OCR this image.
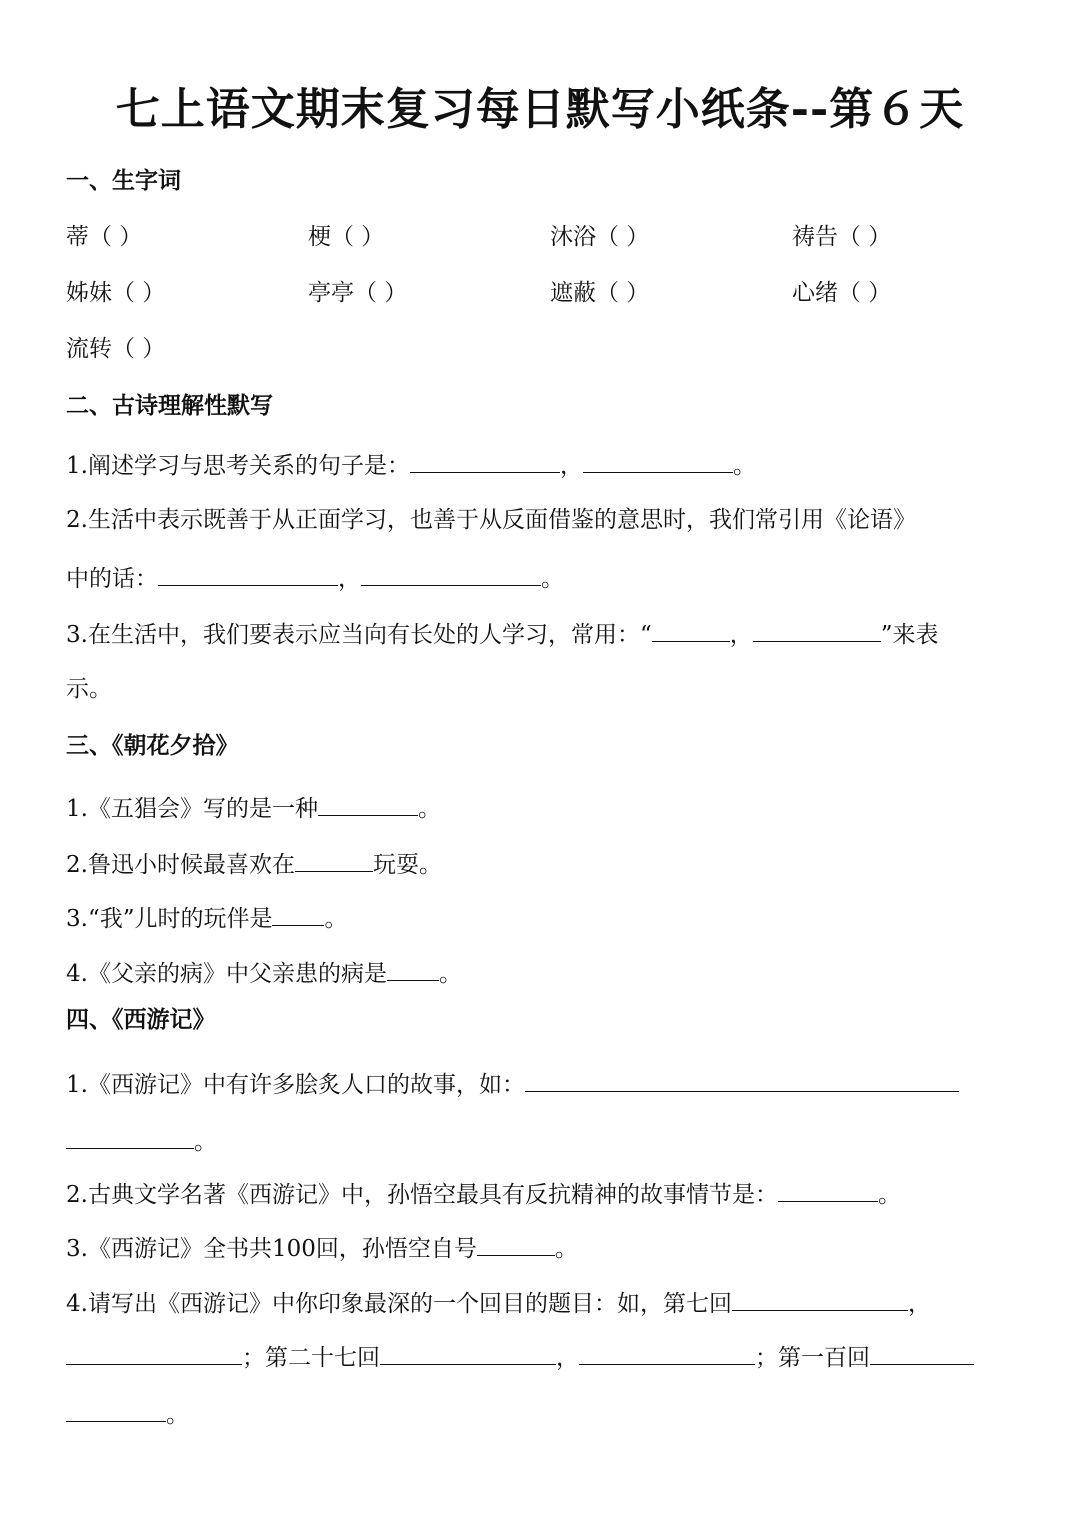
七上语文期末复习每日默写小纸条--第６天
一、生字词
蒂（ ）	梗（ ）	沐浴（ ）	祷告（ ）
姊妹（ ）	亭亭（ ）	遮蔽（ ）	心绪（ ）
流转（ ）
二、古诗理解性默写
1.阐述学习与思考关系的句子是：	，	。
2.生活中表示既善于从正面学习，也善于从反面借鉴的意思时，我们常引用《论语》
中的话：	，	。
3.在生活中，我们要表示应当向有长处的人学习，常用：“	，	”来表
示。
三、《朝花夕拾》
1.《五猖会》写的是一种	。
2.鲁迅小时候最喜欢在	玩耍。
3.“我”儿时的玩伴是 。
4.《父亲的病》中父亲患的病是 。
四、《西游记》
1.《西游记》中有许多脍炙人口的故事，如：
。
2.古典文学名著《西游记》中，孙悟空最具有反抗精神的故事情节是：	。
3.《西游记》全书共100回，孙悟空自号	。
4.请写出《西游记》中你印象最深的一个回目的题目：如，第七回	，
；第二十七回	，	；第一百回
。
